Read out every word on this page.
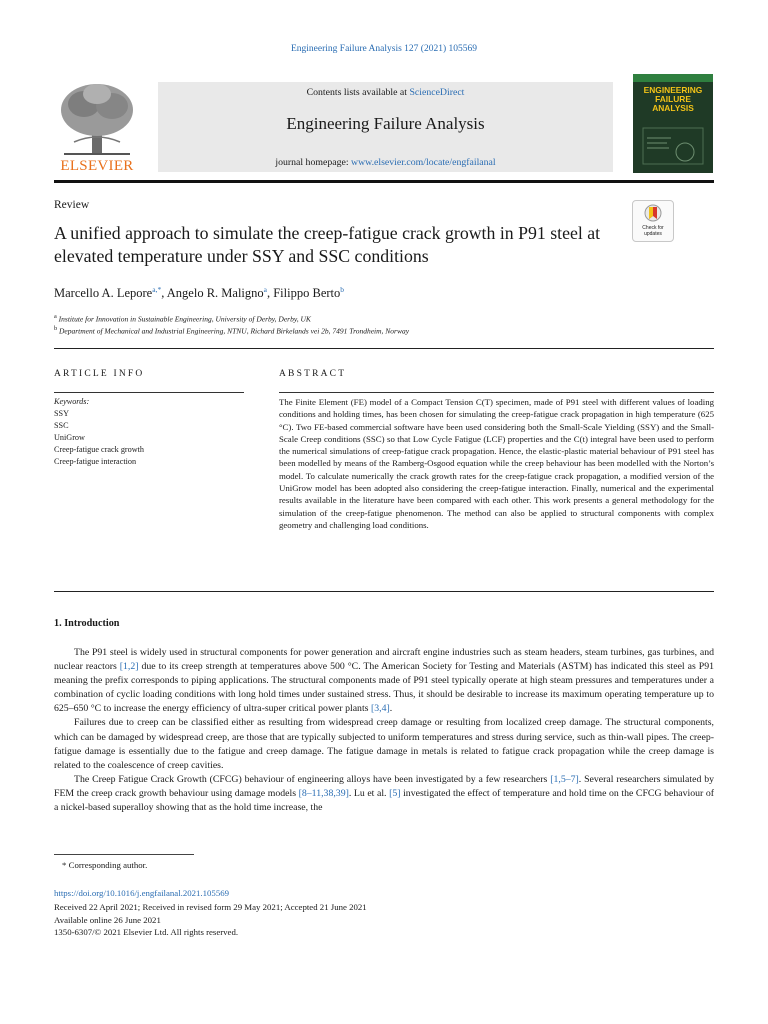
Engineering Failure Analysis 127 (2021) 105569
ELSEVIER
Contents lists available at ScienceDirect
Engineering Failure Analysis
journal homepage: www.elsevier.com/locate/engfailanal
ENGINEERING FAILURE ANALYSIS
Review
A unified approach to simulate the creep-fatigue crack growth in P91 steel at elevated temperature under SSY and SSC conditions
Check for updates
Marcello A. Lepore$^{a,*}$, Angelo R. Maligno$^a$, Filippo Berto$^b$
$^a$ Institute for Innovation in Sustainable Engineering, University of Derby, Derby, UK
$^b$ Department of Mechanical and Industrial Engineering, NTNU, Richard Birkelands vei 2b, 7491 Trondheim, Norway
ARTICLE INFO	ABSTRACT
Keywords:
SSY
SSC
UniGrow
Creep-fatigue crack growth
Creep-fatigue interaction
The Finite Element (FE) model of a Compact Tension C(T) specimen, made of P91 steel with different values of loading conditions and holding times, has been chosen for simulating the creep-fatigue crack propagation in high temperature (625 °C). Two FE-based commercial software have been used considering both the Small-Scale Yielding (SSY) and the Small-Scale Creep conditions (SSC) so that Low Cycle Fatigue (LCF) properties and the C(t) integral have been used to perform the numerical simulations of creep-fatigue crack propagation. Hence, the elastic-plastic material behaviour of P91 steel has been modelled by means of the Ramberg-Osgood equation while the creep behaviour has been modelled with the Norton’s model. To calculate numerically the crack growth rates for the creep-fatigue crack propagation, a modified version of the UniGrow model has been adopted also considering the creep-fatigue interaction. Finally, numerical and the experimental results available in the literature have been compared with each other. This work presents a general methodology for the simulation of the creep-fatigue phenomenon. The method can also be applied to structural components with complex geometry and challenging load conditions.
1. Introduction

The P91 steel is widely used in structural components for power generation and aircraft engine industries such as steam headers, steam turbines, gas turbines, and nuclear reactors [1,2] due to its creep strength at temperatures above 500 °C. The American Society for Testing and Materials (ASTM) has indicated this steel as P91 meaning the prefix corresponds to piping applications. The structural components made of P91 steel typically operate at high steam pressures and temperatures under a combination of cyclic loading conditions with long hold times under sustained stress. Thus, it should be desirable to increase its maximum operating temperature up to 625–650 °C to increase the energy efficiency of ultra-super critical power plants [3,4].

Failures due to creep can be classified either as resulting from widespread creep damage or resulting from localized creep damage. The structural components, which can be damaged by widespread creep, are those that are typically subjected to uniform temperatures and stress during service, such as thin-wall pipes. The creep-fatigue damage is essentially due to the fatigue and creep damage. The fatigue damage in metals is related to fatigue crack propagation while the creep damage is related to the coalescence of creep cavities.

The Creep Fatigue Crack Growth (CFCG) behaviour of engineering alloys have been investigated by a few researchers [1,5–7]. Several researchers simulated by FEM the creep crack growth behaviour using damage models [8–11,38,39]. Lu et al. [5] investigated the effect of temperature and hold time on the CFCG behaviour of a nickel-based superalloy showing that as the hold time increase, the

* Corresponding author.
https://doi.org/10.1016/j.engfailanal.2021.105569
Received 22 April 2021; Received in revised form 29 May 2021; Accepted 21 June 2021
Available online 26 June 2021
1350-6307/© 2021 Elsevier Ltd. All rights reserved.
